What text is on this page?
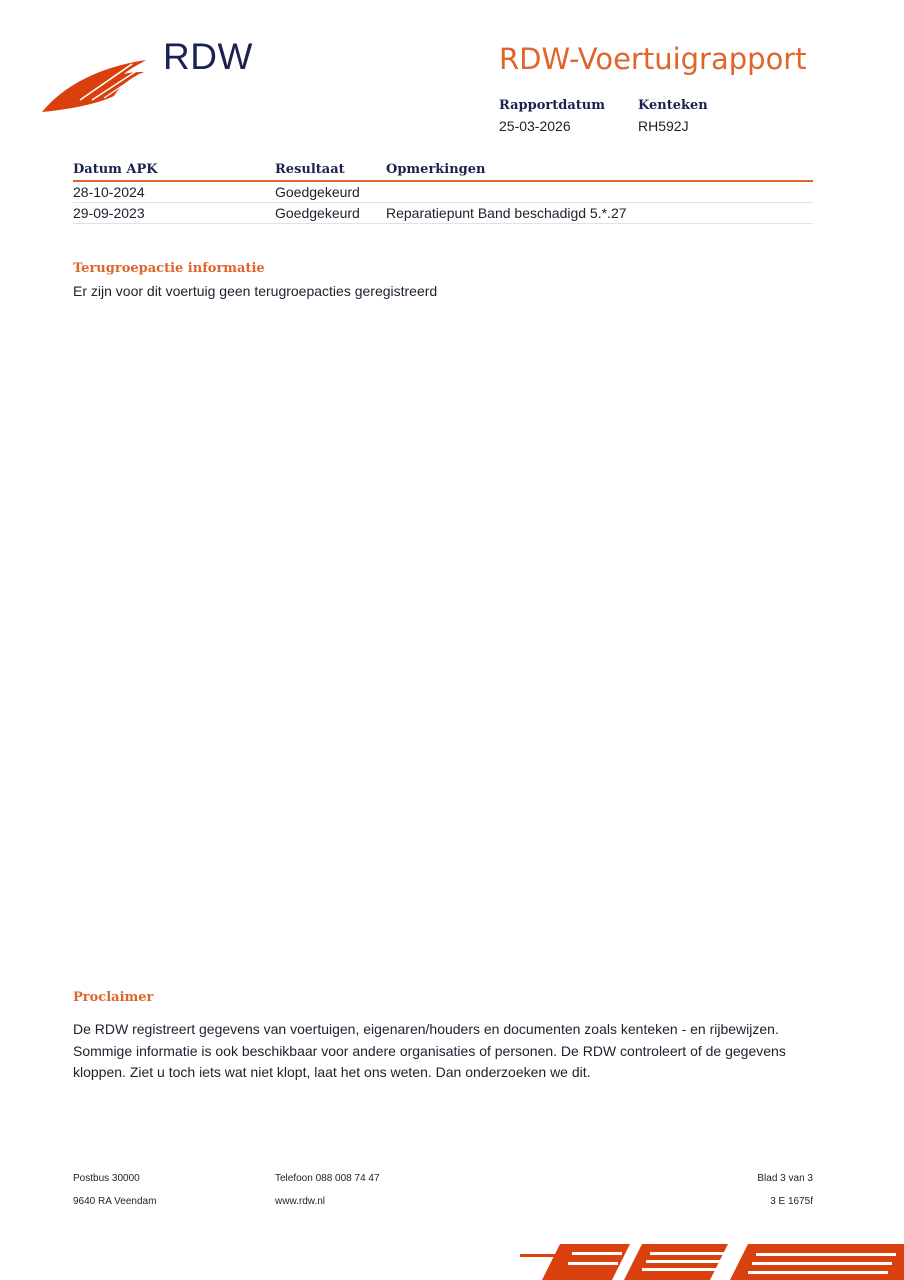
RDW	RDW-Voertuigrapport
Rapportdatum
25-03-2026
Kenteken
RH592J
Datum APK	Resultaat	Opmerkingen
28-10-2024	Goedgekeurd
29-09-2023	Goedgekeurd	Reparatiepunt Band beschadigd 5.*.27
Terugroepactie informatie
Er zijn voor dit voertuig geen terugroepacties geregistreerd
Proclaimer
De RDW registreert gegevens van voertuigen, eigenaren/houders en documenten zoals kenteken - en rijbewijzen.
Sommige informatie is ook beschikbaar voor andere organisaties of personen. De RDW controleert of de gegevens
kloppen. Ziet u toch iets wat niet klopt, laat het ons weten. Dan onderzoeken we dit.
Postbus 30000
9640 RA Veendam
Telefoon 088 008 74 47
www.rdw.nl
Blad 3 van 3
3 E 1675f
